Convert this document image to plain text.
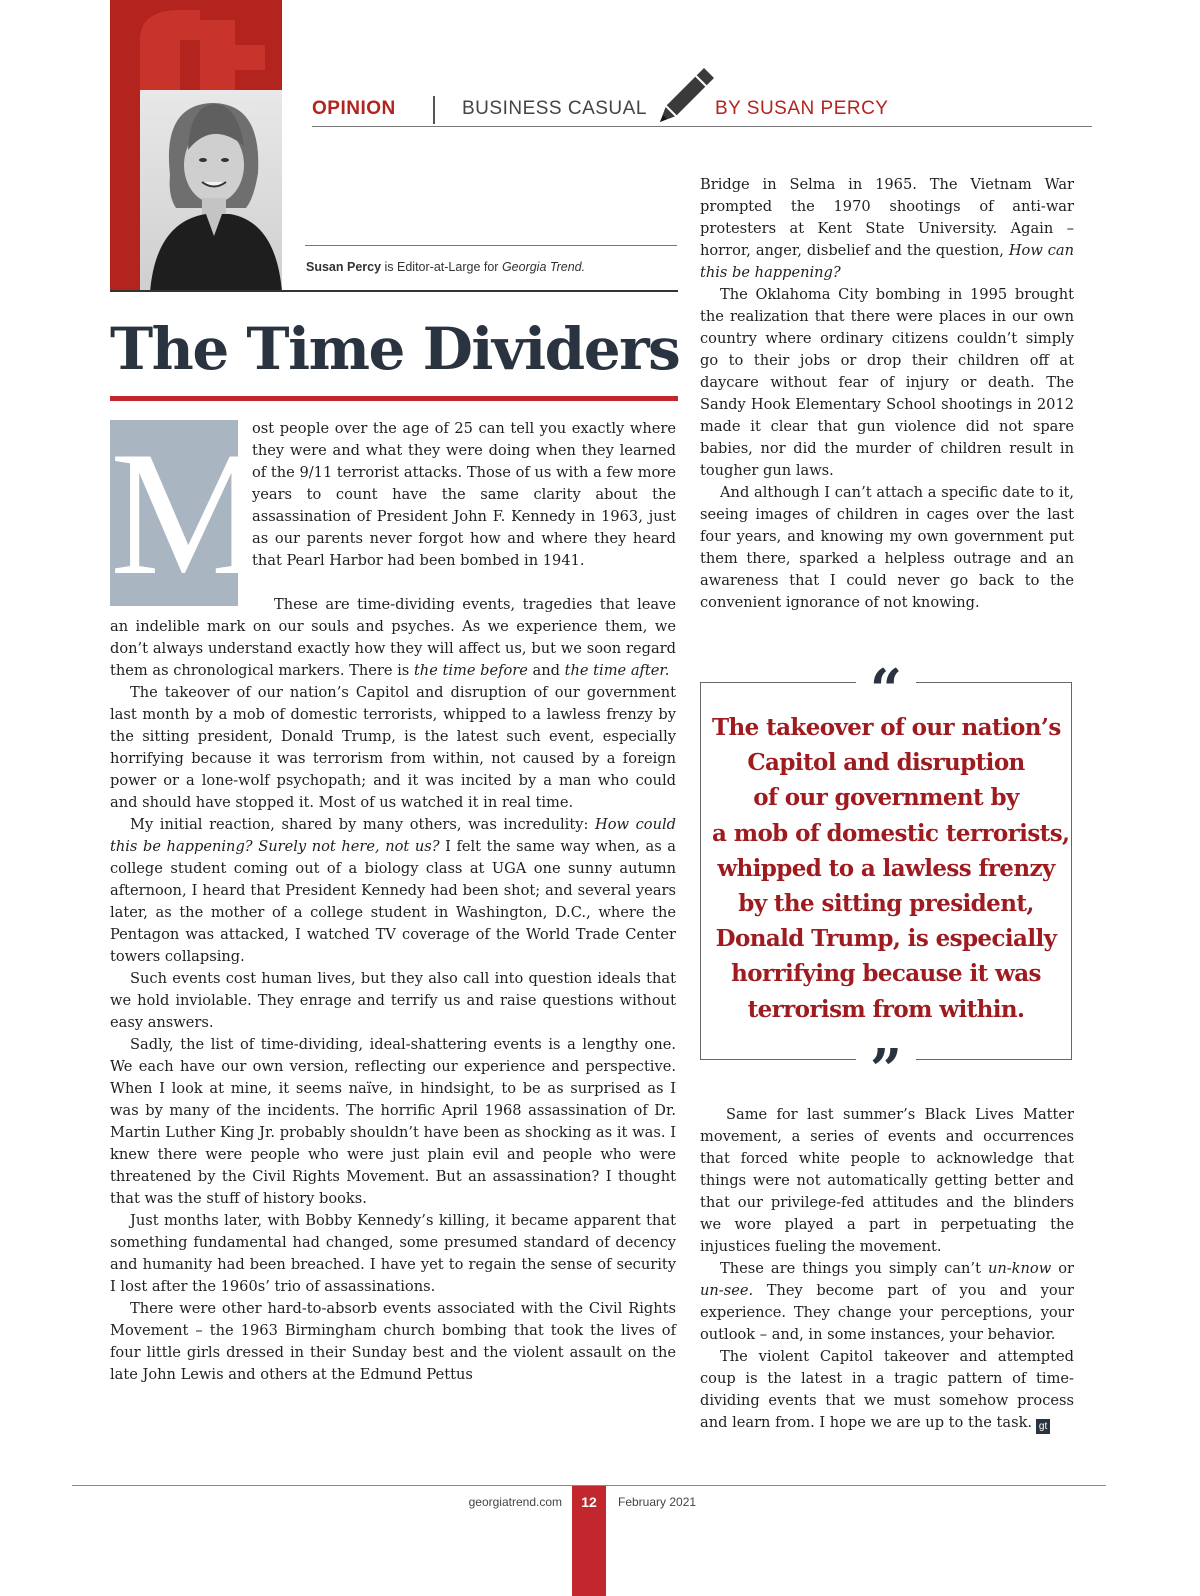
OPINION	BUSINESS CASUAL	BY SUSAN PERCY
Susan Percy is Editor-at-Large for Georgia Trend.
The Time Dividers
M

ost people over the age of 25 can tell you exactly where they were and what they were doing when they learned of the 9/11 terrorist attacks. Those of us with a few more years to count have the same clarity about the assassination of President John F. Kennedy in 1963, just as our parents never forgot how and where they heard that Pearl Harbor had been bombed in 1941.

These are time-dividing events, tragedies that leave an indelible mark on our souls and psyches. As we experience them, we don’t always understand exactly how they will affect us, but we soon regard them as chronological markers. There is the time before and the time after.

The takeover of our nation’s Capitol and disruption of our government last month by a mob of domestic terrorists, whipped to a lawless frenzy by the sitting president, Donald Trump, is the latest such event, especially horrifying because it was terrorism from within, not caused by a foreign power or a lone-wolf psychopath; and it was incited by a man who could and should have stopped it. Most of us watched it in real time.

My initial reaction, shared by many others, was incredulity: How could this be happening? Surely not here, not us? I felt the same way when, as a college student coming out of a biology class at UGA one sunny autumn afternoon, I heard that President Kennedy had been shot; and several years later, as the mother of a college student in Washington, D.C., where the Pentagon was attacked, I watched TV coverage of the World Trade Center towers collapsing.

Such events cost human lives, but they also call into question ideals that we hold inviolable. They enrage and terrify us and raise questions without easy answers.

Sadly, the list of time-dividing, ideal-shattering events is a lengthy one. We each have our own version, reflecting our experience and perspective. When I look at mine, it seems naïve, in hindsight, to be as surprised as I was by many of the incidents. The horrific April 1968 assassination of Dr. Martin Luther King Jr. probably shouldn’t have been as shocking as it was. I knew there were people who were just plain evil and people who were threatened by the Civil Rights Movement. But an assassination? I thought that was the stuff of history books.

Just months later, with Bobby Kennedy’s killing, it became apparent that something fundamental had changed, some presumed standard of decency and humanity had been breached. I have yet to regain the sense of security I lost after the 1960s’ trio of assassinations.

There were other hard-to-absorb events associated with the Civil Rights Movement – the 1963 Birmingham church bombing that took the lives of four little girls dressed in their Sunday best and the violent assault on the late John Lewis and others at the Edmund Pettus

Bridge in Selma in 1965. The Vietnam War prompted the 1970 shootings of anti-war protesters at Kent State University. Again – horror, anger, disbelief and the question, How can this be happening?

The Oklahoma City bombing in 1995 brought the realization that there were places in our own country where ordinary citizens couldn’t simply go to their jobs or drop their children off at daycare without fear of injury or death. The Sandy Hook Elementary School shootings in 2012 made it clear that gun violence did not spare babies, nor did the murder of children result in tougher gun laws.

And although I can’t attach a specific date to it, seeing images of children in cages over the last four years, and knowing my own government put them there, sparked a helpless outrage and an awareness that I could never go back to the convenient ignorance of not knowing.

“
”
The takeover of our nation’s
Capitol and disruption
of our government by
a mob of domestic terrorists,
whipped to a lawless frenzy
by the sitting president,
Donald Trump, is especially
horrifying because it was
terrorism from within.

Same for last summer’s Black Lives Matter movement, a series of events and occurrences that forced white people to acknowledge that things were not automatically getting better and that our privilege-fed attitudes and the blinders we wore played a part in perpetuating the injustices fueling the movement.

These are things you simply can’t un-know or un-see. They become part of you and your experience. They change your perceptions, your outlook – and, in some instances, your behavior.

The violent Capitol takeover and attempted coup is the latest in a tragic pattern of time-dividing events that we must somehow process and learn from. I hope we are up to the task. gt

georgiatrend.com	12	February 2021
